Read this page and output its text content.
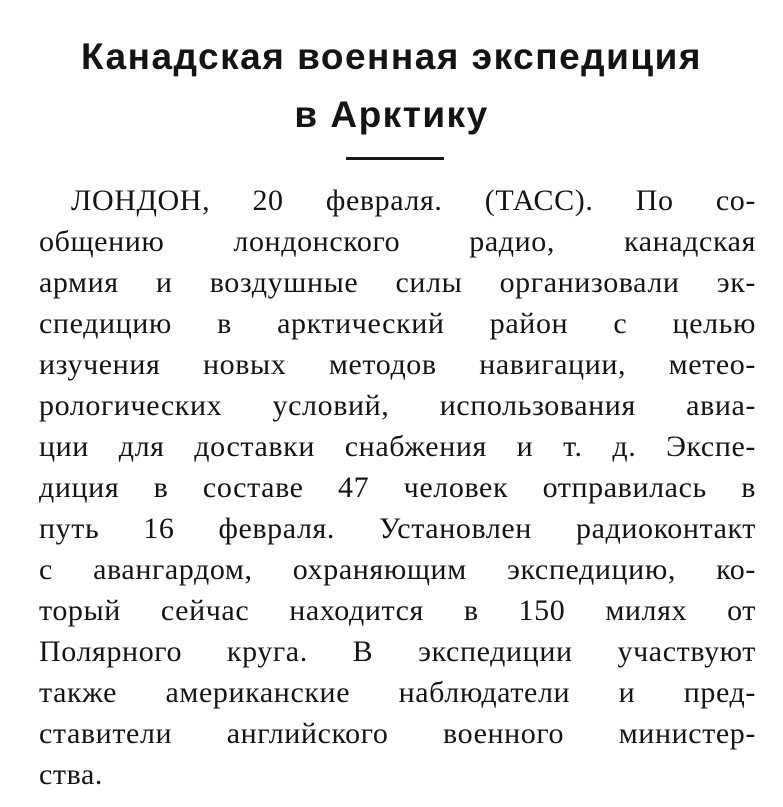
Канадская военная экспедиция
в Арктику
ЛОНДОН, 20 февраля. (ТАСС). По со-
общению лондонского радио, канадская
армия и воздушные силы организовали эк-
спедицию в арктический район с целью
изучения новых методов навигации, метео-
рологических условий, использования авиа-
ции для доставки снабжения и т. д. Экспе-
диция в составе 47 человек отправилась в
путь 16 февраля. Установлен радиоконтакт
с авангардом, охраняющим экспедицию, ко-
торый сейчас находится в 150 милях от
Полярного круга. В экспедиции участвуют
также американские наблюдатели и пред-
ставители английского военного министер-
ства.
